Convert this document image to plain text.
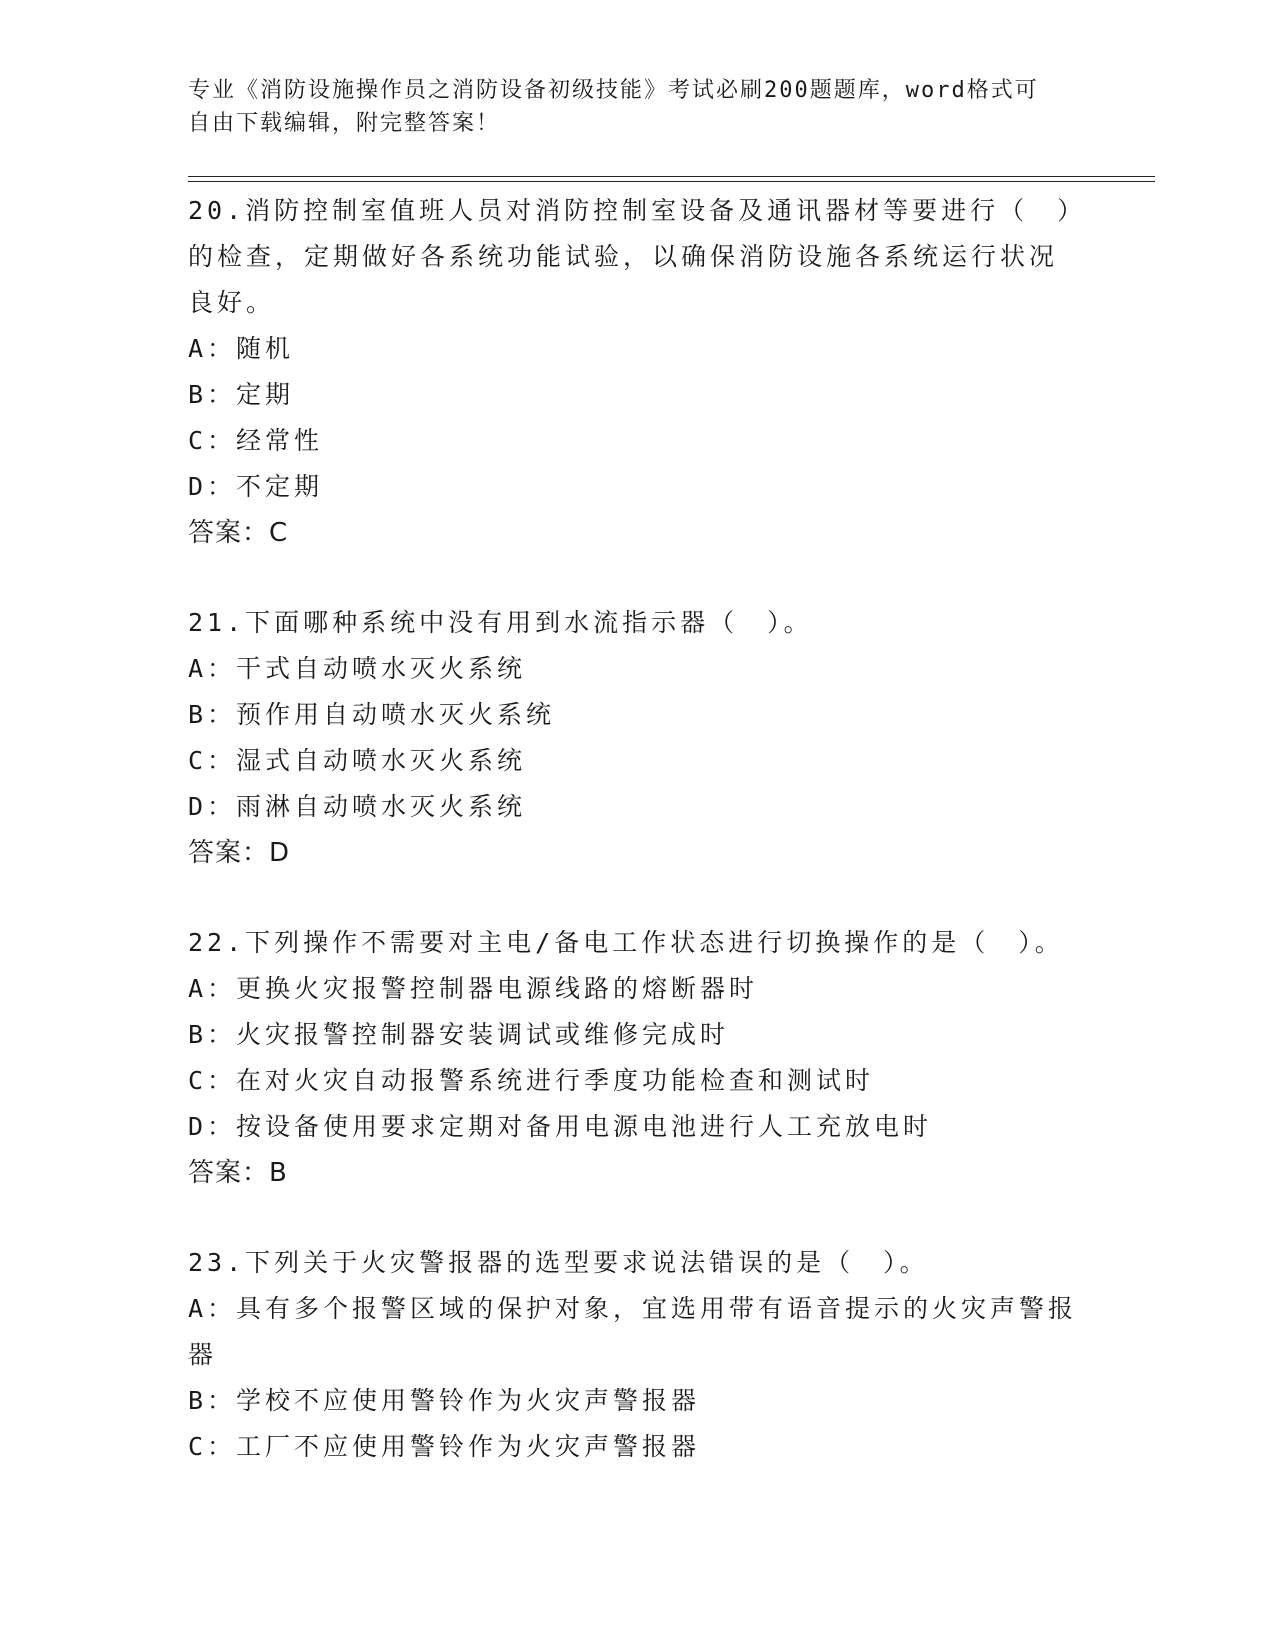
专业《消防设施操作员之消防设备初级技能》考试必刷200题题库，word格式可
自由下载编辑，附完整答案！
20.消防控制室值班人员对消防控制室设备及通讯器材等要进行（　）
的检查，定期做好各系统功能试验，以确保消防设施各系统运行状况
良好。
A：随机
B：定期
C：经常性
D：不定期
答案：C
21.下面哪种系统中没有用到水流指示器（　）。
A：干式自动喷水灭火系统
B：预作用自动喷水灭火系统
C：湿式自动喷水灭火系统
D：雨淋自动喷水灭火系统
答案：D
22.下列操作不需要对主电/备电工作状态进行切换操作的是（　）。
A：更换火灾报警控制器电源线路的熔断器时
B：火灾报警控制器安装调试或维修完成时
C：在对火灾自动报警系统进行季度功能检查和测试时
D：按设备使用要求定期对备用电源电池进行人工充放电时
答案：B
23.下列关于火灾警报器的选型要求说法错误的是（　）。
A：具有多个报警区域的保护对象，宜选用带有语音提示的火灾声警报
器
B：学校不应使用警铃作为火灾声警报器
C：工厂不应使用警铃作为火灾声警报器
